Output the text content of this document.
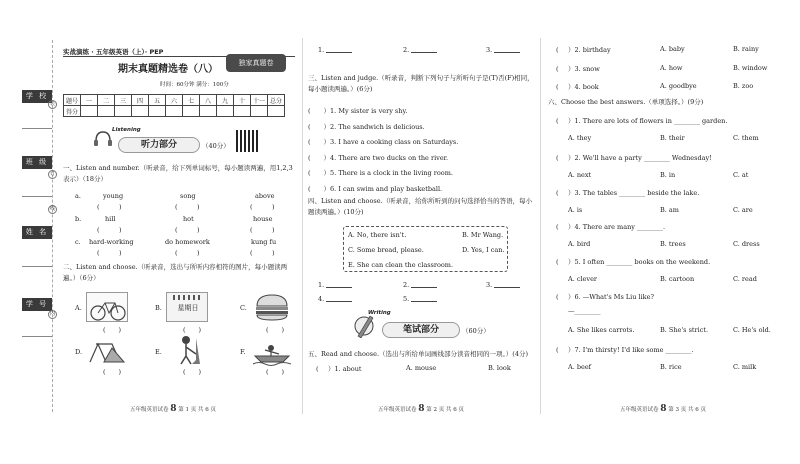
学 校
班 级
姓 名
学 号
装
订
线
内
实战演练 · 五年级英语（上）· PEP
期末真题精选卷（八）
独家真题卷
时间：60分钟 满分：100分
题号	一	二	三	四	五	六	七	八	九	十	十一	总分
得分												
Listening
听力部分	（40分）
一、Listen and number.（听录音，给下列单词标号，每小题读两遍，用1,2,3 表示）（18分）
a.	young	song	above
(　　　)	(　　　)	(　　　)
b.	hill	hot	house
(　　　)	(　　　)	(　　　)
c. hard-working	do homework	kung fu
(　　　)	(　　　)	(　　　)
二、Listen and choose.（听录音，选出与所听内容相符的图片，每小题读两遍。）（6分）
A.
(　　)
B.	星期日
(　　)
C.
(　　)
D.
(　　)
E.
(　　)
F.
(　　)
五年级英语试卷 8 第 1 页 共 6 页
1.	2.	3.
三、Listen and judge.（听录音，判断下列句子与所听句子是(T)否(F)相同，每小题读两遍。）(6分)
(　　）1. My sister is very shy.
(　　）2. The sandwich is delicious.
(　　）3. I have a cooking class on Saturdays.
(　　）4. There are two ducks on the river.
(　　）5. There is a clock in the living room.
(　　）6. I can swim and play basketball.
四、Listen and choose.（听录音，给你所听到的问句选择恰当的答语，每小题读两遍。）(10分)
A. No, there isn't.	B. Mr Wang.
C. Some bread, please.	D. Yes, I can.
E. She can clean the classroom.
1.	2.	3.
4.	5.
Writing
笔试部分	（60分）
五、Read and choose.（选出与所给单词画线部分读音相同的一项。）(4分)
(　　
）1. about	A. mouse	B. look
五年级英语试卷 8 第 2 页 共 6 页
(　　
）2. birthday	A. baby	B. rainy
(　　
）3. snow	A. how	B. window
(　　
）4. book	A. goodbye	B. zoo
六、Choose the best answers.（单项选择。）(9分)
(　　
）1. There are lots of flowers in ________ garden.
A. they	B. their	C. them
(　　
）2. We'll have a party ________ Wednesday!
A. next	B. in	C. at
(　　
）3. The tables ________ beside the lake.
A. is	B. am	C. are
(　　
）4. There are many ________.
A. bird	B. trees	C. dress
(　　
）5. I often ________ books on the weekend.
A. clever	B. cartoon	C. read
(　　
）6. —What's Ms Liu like?
—________
A. She likes carrots.	B. She's strict.	C. He's old.
(　　
）7. I'm thirsty! I'd like some ________.
A. beef	B. rice	C. milk
五年级英语试卷 8 第 3 页 共 6 页
